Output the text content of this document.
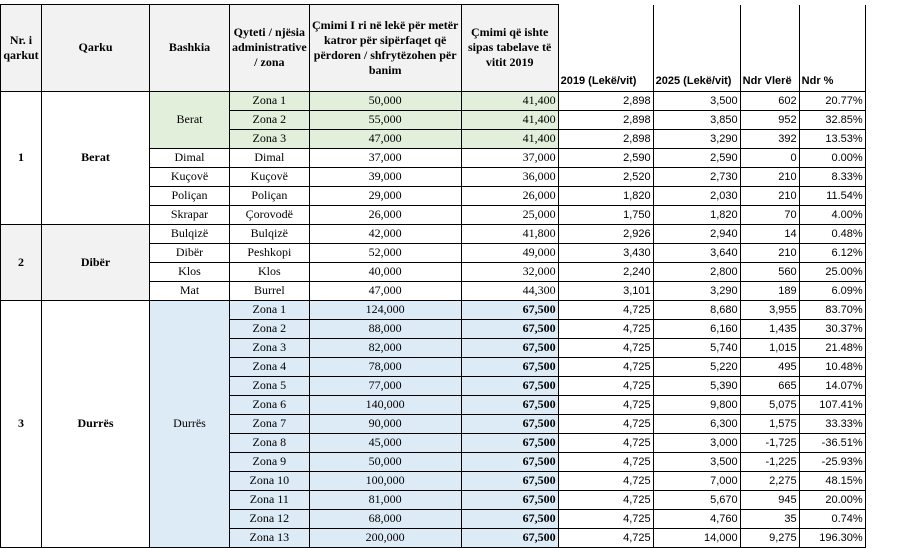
Nr. i qarkut	Qarku	Bashkia	Qyteti / njësia administrative / zona	Çmimi I ri në lekë për metër katror për sipërfaqet që përdoren / shfrytëzohen për banim	Çmimi që ishte sipas tabelave të vitit 2019	2019 (Lekë/vit)	2025 (Lekë/vit)	Ndr Vlerë	Ndr %
1	Berat	Berat	Zona 1	50,000	41,400	2,898	3,500	602	20.77%
			Zona 2	55,000	41,400	2,898	3,850	952	32.85%
			Zona 3	47,000	41,400	2,898	3,290	392	13.53%
		Dimal	Dimal	37,000	37,000	2,590	2,590	0	0.00%
		Kuçovë	Kuçovë	39,000	36,000	2,520	2,730	210	8.33%
		Poliçan	Poliçan	29,000	26,000	1,820	2,030	210	11.54%
		Skrapar	Çorovodë	26,000	25,000	1,750	1,820	70	4.00%
2	Dibër	Bulqizë	Bulqizë	42,000	41,800	2,926	2,940	14	0.48%
		Dibër	Peshkopi	52,000	49,000	3,430	3,640	210	6.12%
		Klos	Klos	40,000	32,000	2,240	2,800	560	25.00%
		Mat	Burrel	47,000	44,300	3,101	3,290	189	6.09%
3	Durrës	Durrës	Zona 1	124,000	67,500	4,725	8,680	3,955	83.70%
			Zona 2	88,000	67,500	4,725	6,160	1,435	30.37%
			Zona 3	82,000	67,500	4,725	5,740	1,015	21.48%
			Zona 4	78,000	67,500	4,725	5,220	495	10.48%
			Zona 5	77,000	67,500	4,725	5,390	665	14.07%
			Zona 6	140,000	67,500	4,725	9,800	5,075	107.41%
			Zona 7	90,000	67,500	4,725	6,300	1,575	33.33%
			Zona 8	45,000	67,500	4,725	3,000	-1,725	-36.51%
			Zona 9	50,000	67,500	4,725	3,500	-1,225	-25.93%
			Zona 10	100,000	67,500	4,725	7,000	2,275	48.15%
			Zona 11	81,000	67,500	4,725	5,670	945	20.00%
			Zona 12	68,000	67,500	4,725	4,760	35	0.74%
			Zona 13	200,000	67,500	4,725	14,000	9,275	196.30%
